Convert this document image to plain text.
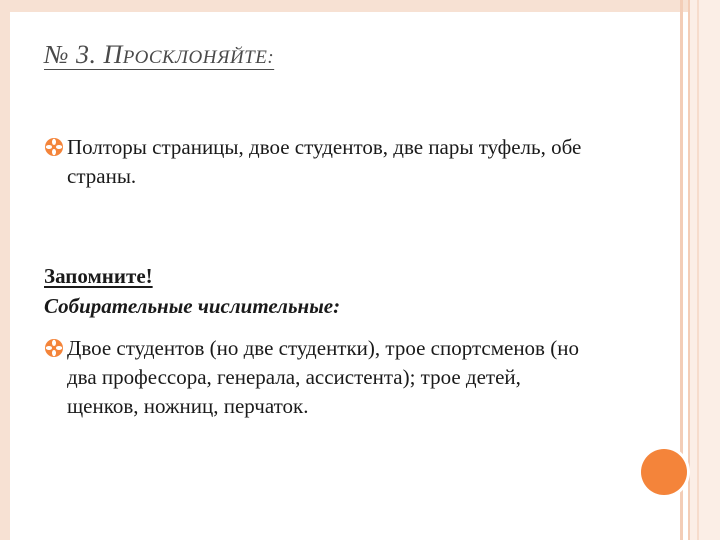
№ 3. ПРОСКЛОНЯЙТЕ:
Полторы страницы, двое студентов, две пары туфель, обе страны.
Запомните!
Собирательные числительные:
Двое студентов (но две студентки), трое спортсменов (но два профессора, генерала, ассистента); трое детей, щенков, ножниц, перчаток.
